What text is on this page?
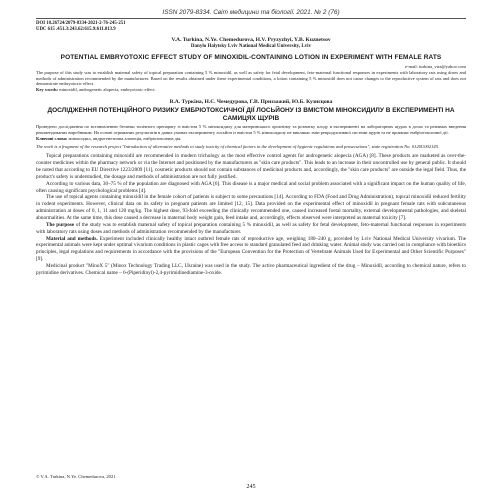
ISSN 2079-8334. Світ медицини та біології. 2021. № 2 (76)
DOI 10.26724/2079-8334-2021-2-76-245-251
UDC 615 .451.3:243.62:615.9:611.013.9
V.A. Turkina, N.Ye. Chemedurova, H.V. Pryzyzhyi, Y.B. Kuznetsov
Danylo Halytsky Lviv National Medical University, Lviv
POTENTIAL EMBRYOTOXIC EFFECT STUDY OF MINOXIDIL-CONTAINING LOTION IN EXPERIMENT WITH FEMALE RATS
e-mail: turkina_vira@yahoo.com
The purpose of this study was to establish maternal safety of topical preparation containing 5 % minoxidil, as well as safety for fetal development, feto-maternal functional responses in experiments with laboratory rats using doses and methods of administration recommended by the manufacturer. Based on the results obtained under these experimental conditions, a lotion containing 5 % minoxidil does not cause changes to the reproductive system of rats and does not demonstrate embryotoxic effect.
Key words: minoxidil, androgenetic alopecia, embryotoxic effect.
В.А. Туркіна, Н.Є. Чемедурова, Г.В. Приззажий, Ю.Б. Кузнєцова
ДОСЛІДЖЕННЯ ПОТЕНЦІЙНОГО РИЗИКУ ЕМБРІОТОКСИЧНОЇ ДІЇ ЛОСЬЙОНУ ІЗ ВМІСТОМ МІНОКСИДИЛУ В ЕКСПЕРИМЕНТІ НА САМИЦЯХ ЩУРІВ
Проведено дослідження по встановленню безпеки топічного препарату із вмістом 5 % міноксидилу для материнського організму та розвитку плоду в експерименті на лабораторних щурах в дозах та режимах введення рекомендованих виробником. На основі отриманих результатів в даних умовах експерименту лосьйон із вмістом 5 % міноксидилу не викликає змін репродуктивної системи щурів та не проявляє ембріотоксичної дії.
Ключові слова: міноксидил, андрогенетична алопеція, ембріотоксична дія.
The work is a fragment of the research project "Introduction of alternative methods to study toxicity of chemical factors in the development of hygienic regulations and prosecutions", state registration No. 0120U002145.

Topical preparations containing minoxidil are recommended in modern trichology as the most effective control agents for androgenetic alopecia (AGA) [8]. These products are marketed as over-the-counter medicines within the pharmacy network or via the Internet and positioned by the manufacturers as "skin care products". This leads to an increase in their uncontrolled use by general public. It should be noted that according to EU Directive 1223/2009 [11], cosmetic products should not contain substances of medicinal products and, accordingly, the "skin care products" are outside the legal field. Thus, the product's safety is understudied, the dosage and methods of administration are not fully justified.

According to various data, 30–75 % of the population are diagnosed with AGA [6]. This disease is a major medical and social problem associated with a significant impact on the human quality of life, often causing significant psychological problems [4].

The use of topical agents containing minoxidil in the female cohort of patients is subject to some precautions [14]. According to FDA (Food and Drug Administration), topical minoxidil reduced fertility in rodent experiments. However, clinical data on its safety in pregnant patients are limited [12, 15]. Data provided on the experimental effect of minoxidil in pregnant female rats with subcutaneous administration at doses of 0, 1, 11 and 120 mg/kg. The highest dose, 93-fold exceeding the clinically recommended one, caused increased foetal mortality, external developmental pathologies, and skeletal abnormalities. At the same time, this dose caused a decrease in maternal body weight gain, feed intake and, accordingly, effects observed were interpreted as maternal toxicity [7].

The purpose of the study was to establish maternal safety of topical preparation containing 5 % minoxidil, as well as safety for fetal development, feto-maternal functional responses in experiments with laboratory rats using doses and methods of administration recommended by the manufacturer.

Material and methods. Experiment included clinically healthy intact outbred female rats of reproductive age, weighing 180–240 g, provided by Lviv National Medical University vivarium. The experimental animals were kept under optimal vivarium conditions in plastic cages with free access to standard granulated feed and drinking water. Animal study was carried out in compliance with bioethics principles, legal regulations and requirements in accordance with the provisions of the "European Convention for the Protection of Vertebrate Animals Used for Experimental and Other Scientific Purposes" [9].

Medicinal product "MinoX 5" (Minox Technology Trading LLC, Ukraine) was used in the study. The active pharmaceutical ingredient of the drug – Minoxidil, according to chemical nature, refers to pyrimidine derivatives. Chemical name – 6-(Piperidinyl)-2,4-pyrimidinediamine-3-oxide.

© V.A. Turkina, N.Ye. Chemedurova, 2021
245
